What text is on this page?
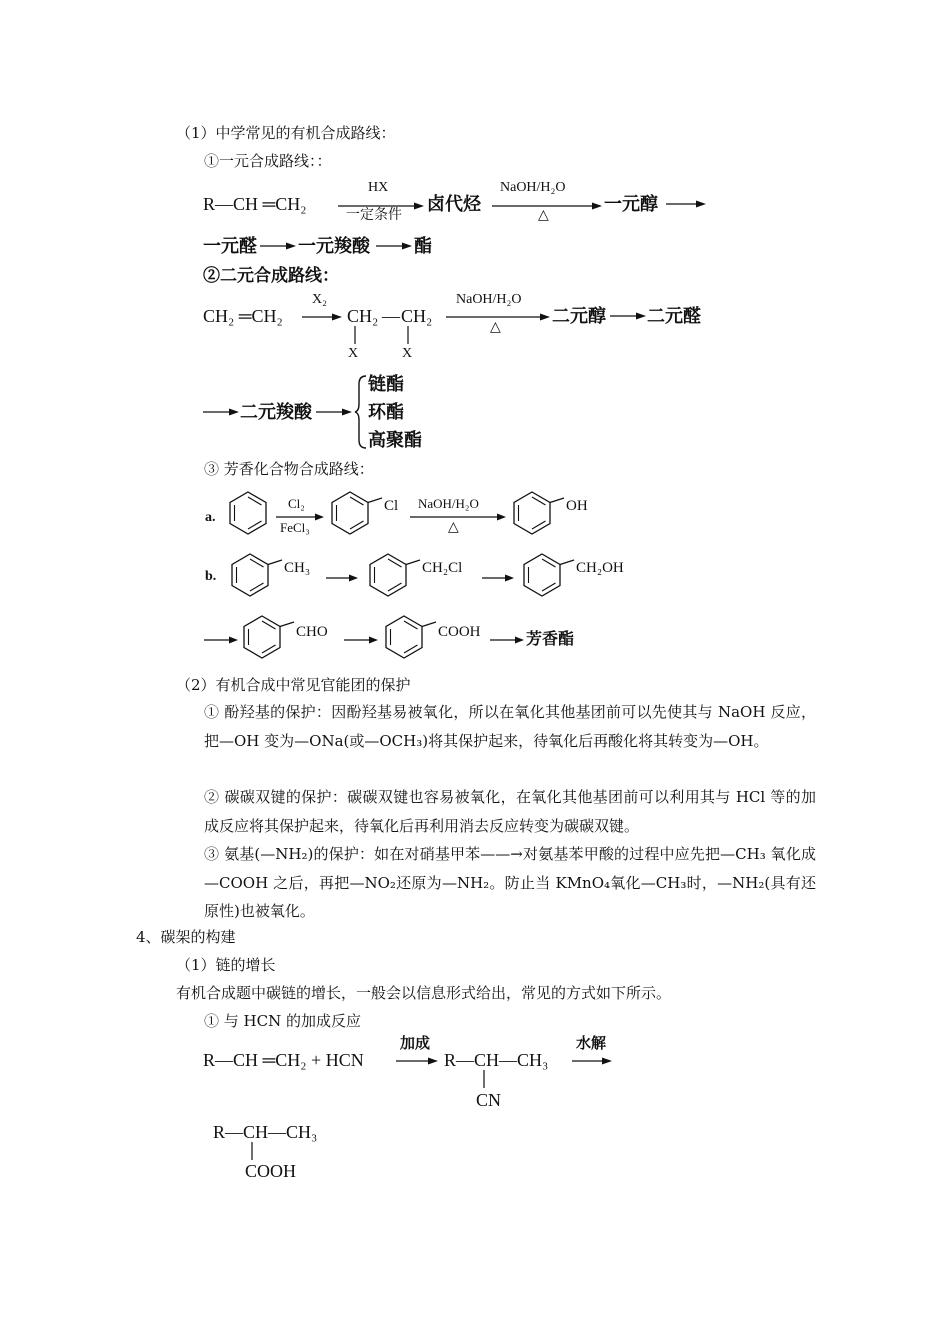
（1）中学常见的有机合成路线：
①一元合成路线：：
R—CH ═CH₂
HX
一定条件
卤代烃
NaOH/H₂O
△
一元醇
一元醛 一元羧酸 酯
②二元合成路线：
CH₂ ═CH₂
X₂
CH₂ — CH₂
X	X
NaOH/H₂O
△
二元醇 二元醛
二元羧酸
链酯
环酯
高聚酯
③ 芳香化合物合成路线：
a.
Cl₂
FeCl₃
Cl NaOH/H₂O
△
OH
b.
CH₃	CH₂Cl	CH₂OH
CHO	COOH	芳香酯
（2）有机合成中常见官能团的保护
① 酚羟基的保护：因酚羟基易被氧化，所以在氧化其他基团前可以先使其与 NaOH 反应，把—OH 变为—ONa(或—OCH₃)将其保护起来，待氧化后再酸化将其转变为—OH。
② 碳碳双键的保护：碳碳双键也容易被氧化，在氧化其他基团前可以利用其与 HCl 等的加成反应将其保护起来，待氧化后再利用消去反应转变为碳碳双键。
③ 氨基(—NH₂)的保护：如在对硝基甲苯——→对氨基苯甲酸的过程中应先把—CH₃ 氧化成—COOH 之后，再把—NO₂还原为—NH₂。防止当 KMnO₄氧化—CH₃时，—NH₂(具有还原性)也被氧化。
4、碳架的构建
（1）链的增长
有机合成题中碳链的增长，一般会以信息形式给出，常见的方式如下所示。
① 与 HCN 的加成反应
R—CH ═CH₂ + HCN
加成
R—CH—CH₃
CN
水解
R—CH—CH₃
COOH
